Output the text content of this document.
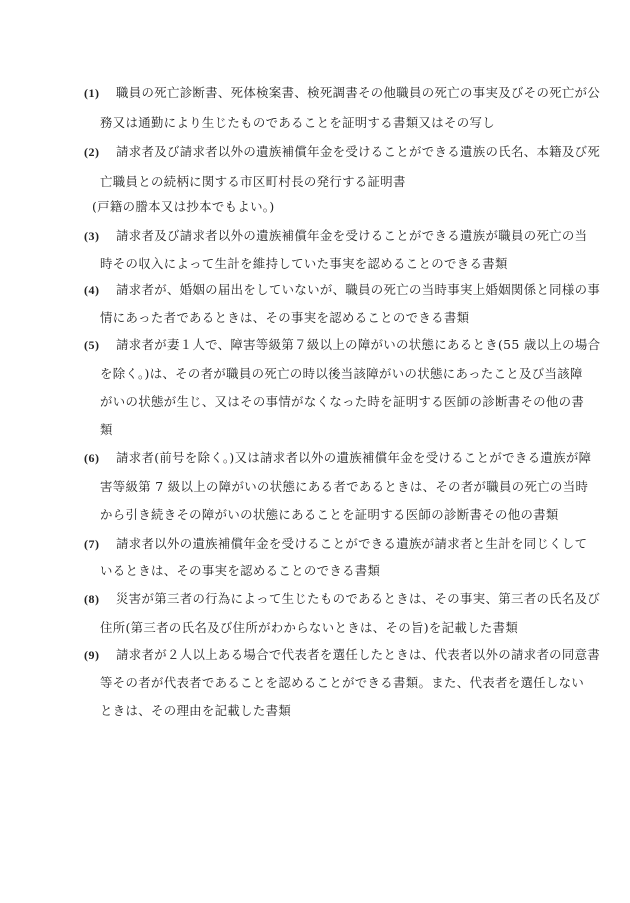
(1)	職員の死亡診断書、死体検案書、検死調書その他職員の死亡の事実及びその死亡が公
務又は通勤により生じたものであることを証明する書類又はその写し
(2)	請求者及び請求者以外の遺族補償年金を受けることができる遺族の氏名、本籍及び死
亡職員との続柄に関する市区町村長の発行する証明書
(戸籍の謄本又は抄本でもよい。)
(3)	請求者及び請求者以外の遺族補償年金を受けることができる遺族が職員の死亡の当
時その収入によって生計を維持していた事実を認めることのできる書類
(4)	請求者が、婚姻の届出をしていないが、職員の死亡の当時事実上婚姻関係と同様の事
情にあった者であるときは、その事実を認めることのできる書類
(5)	請求者が妻１人で、障害等級第７級以上の障がいの状態にあるとき(55 歳以上の場合
を除く。)は、その者が職員の死亡の時以後当該障がいの状態にあったこと及び当該障
がいの状態が生じ、又はその事情がなくなった時を証明する医師の診断書その他の書
類
(6)	請求者(前号を除く。)又は請求者以外の遺族補償年金を受けることができる遺族が障
害等級第 7 級以上の障がいの状態にある者であるときは、その者が職員の死亡の当時
から引き続きその障がいの状態にあることを証明する医師の診断書その他の書類
(7)	請求者以外の遺族補償年金を受けることができる遺族が請求者と生計を同じくして
いるときは、その事実を認めることのできる書類
(8)	災害が第三者の行為によって生じたものであるときは、その事実、第三者の氏名及び
住所(第三者の氏名及び住所がわからないときは、その旨)を記載した書類
(9)	請求者が２人以上ある場合で代表者を選任したときは、代表者以外の請求者の同意書
等その者が代表者であることを認めることができる書類。また、代表者を選任しない
ときは、その理由を記載した書類
